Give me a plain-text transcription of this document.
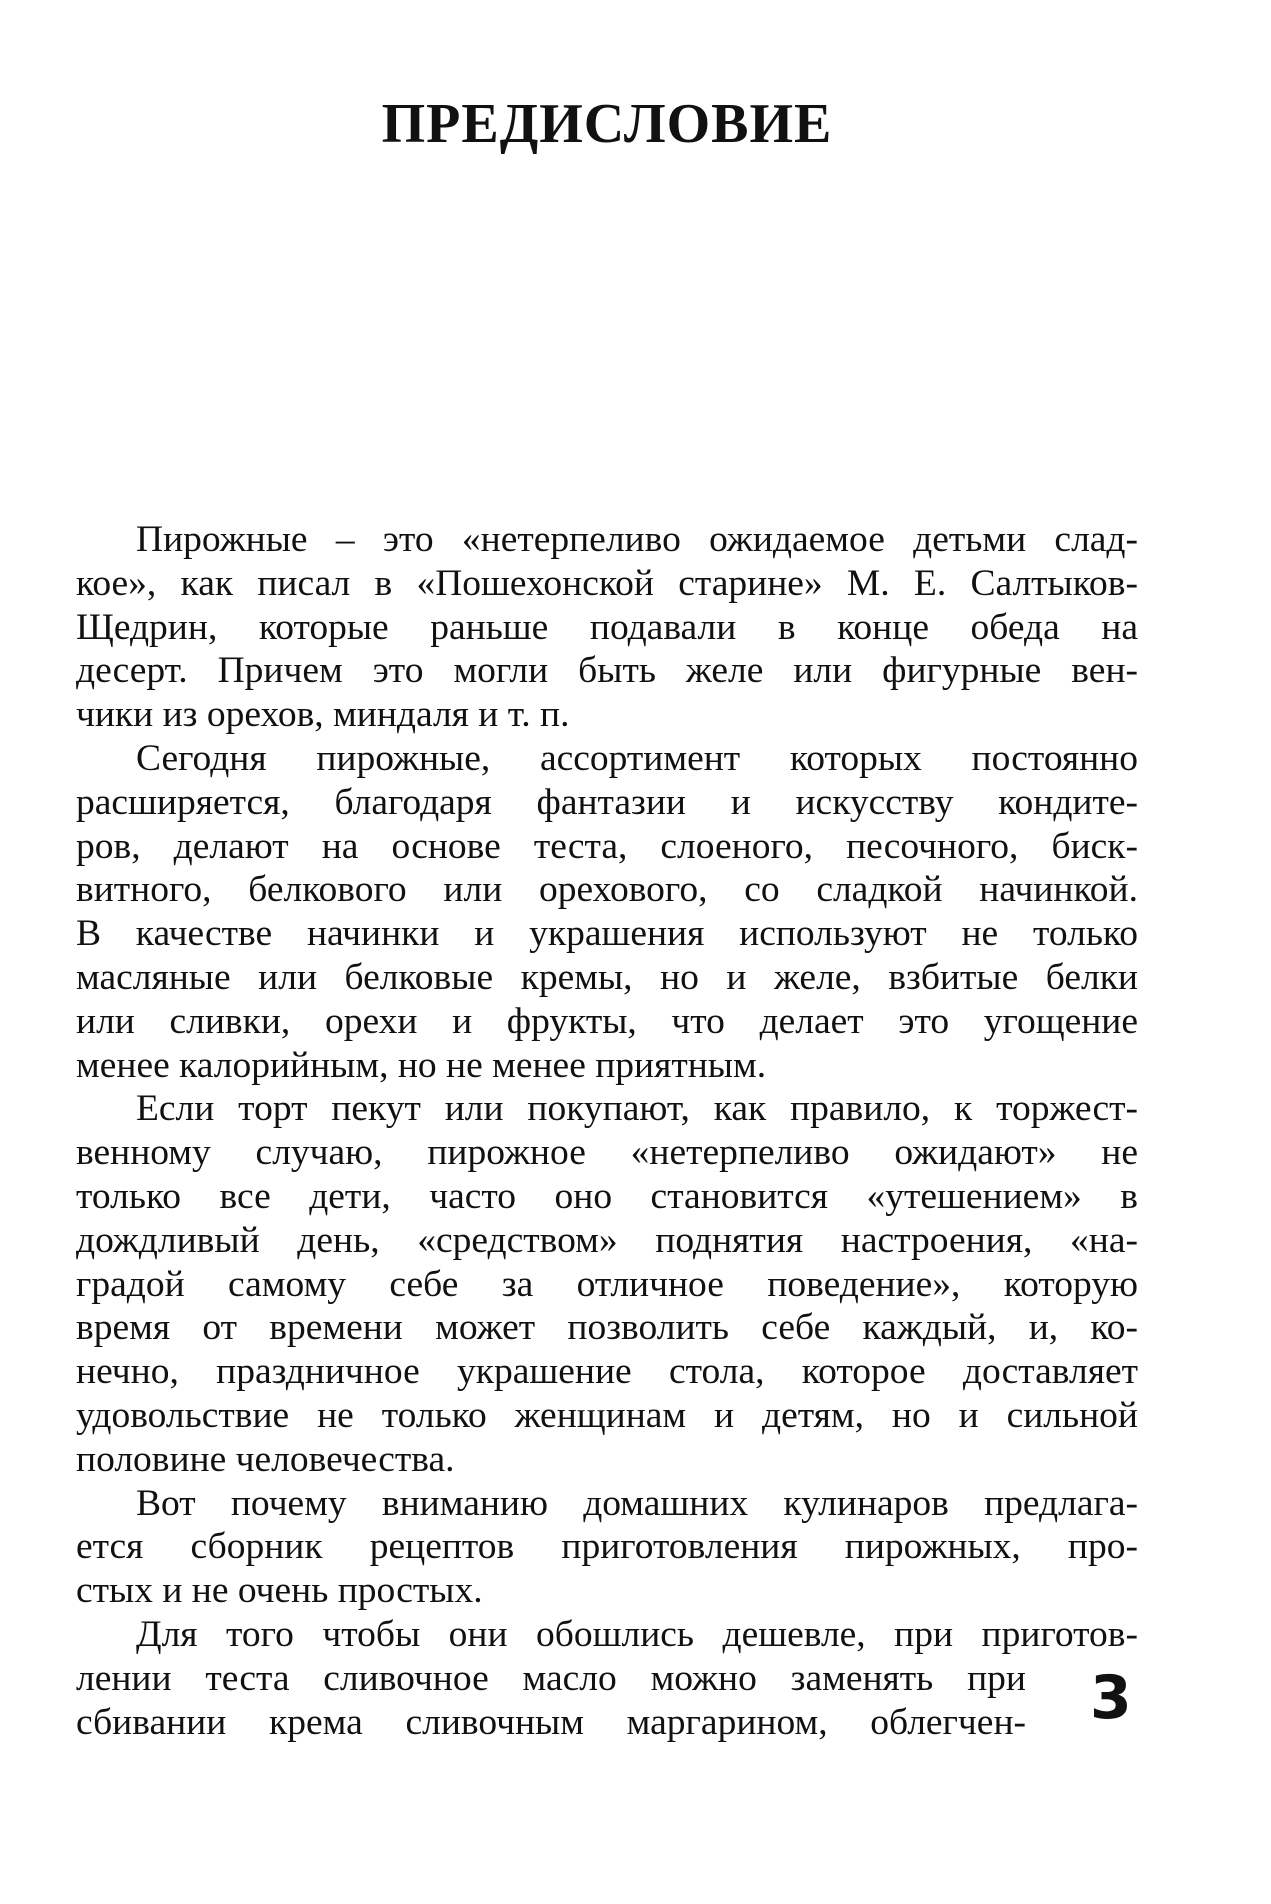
ПРЕДИСЛОВИЕ
Пирожные – это «нетерпеливо ожидаемое детьми слад-
кое», как писал в «Пошехонской старине» М. Е. Салтыков-
Щедрин, которые раньше подавали в конце обеда на
десерт. Причем это могли быть желе или фигурные вен-
чики из орехов, миндаля и т. п.
Сегодня пирожные, ассортимент которых постоянно
расширяется, благодаря фантазии и искусству кондите-
ров, делают на основе теста, слоеного, песочного, биск-
витного, белкового или орехового, со сладкой начинкой.
В качестве начинки и украшения используют не только
масляные или белковые кремы, но и желе, взбитые белки
или сливки, орехи и фрукты, что делает это угощение
менее калорийным, но не менее приятным.
Если торт пекут или покупают, как правило, к торжест-
венному случаю, пирожное «нетерпеливо ожидают» не
только все дети, часто оно становится «утешением» в
дождливый день, «средством» поднятия настроения, «на-
градой самому себе за отличное поведение», которую
время от времени может позволить себе каждый, и, ко-
нечно, праздничное украшение стола, которое доставляет
удовольствие не только женщинам и детям, но и сильной
половине человечества.
Вот почему вниманию домашних кулинаров предлага-
ется сборник рецептов приготовления пирожных, про-
стых и не очень простых.
Для того чтобы они обошлись дешевле, при приготов-
лении теста сливочное масло можно заменять при
сбивании крема сливочным маргарином, облегчен- 3
